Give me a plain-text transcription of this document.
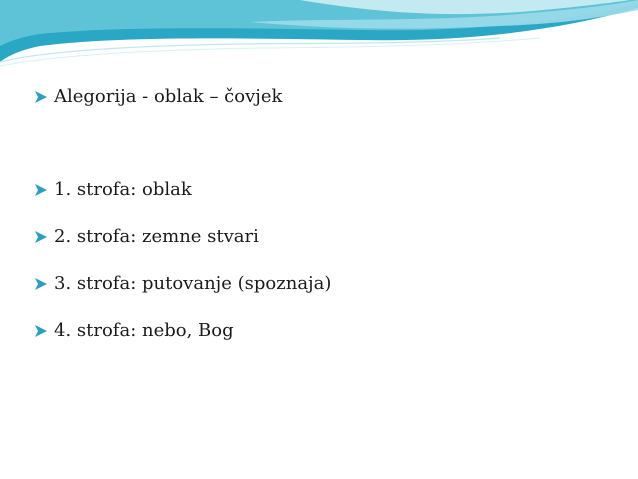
Alegorija - oblak – čovjek
1. strofa: oblak
2. strofa: zemne stvari
3. strofa: putovanje (spoznaja)
4. strofa: nebo, Bog
